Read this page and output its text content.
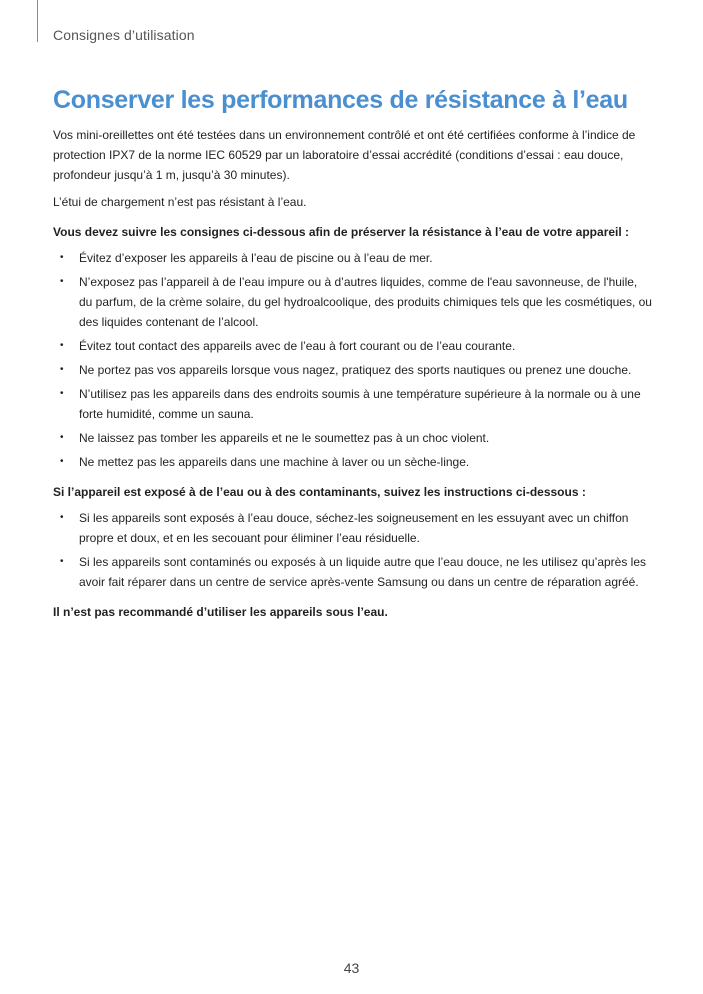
Consignes d’utilisation
Conserver les performances de résistance à l’eau

Vos mini-oreillettes ont été testées dans un environnement contrôlé et ont été certifiées conforme à l’indice de protection IPX7 de la norme IEC 60529 par un laboratoire d’essai accrédité (conditions d’essai : eau douce, profondeur jusqu’à 1 m, jusqu’à 30 minutes).

L’étui de chargement n’est pas résistant à l’eau.

Vous devez suivre les consignes ci-dessous afin de préserver la résistance à l’eau de votre appareil :

• Évitez d’exposer les appareils à l’eau de piscine ou à l’eau de mer.
• N’exposez pas l’appareil à de l’eau impure ou à d’autres liquides, comme de l'eau savonneuse, de l'huile, du parfum, de la crème solaire, du gel hydroalcoolique, des produits chimiques tels que les cosmétiques, ou des liquides contenant de l’alcool.
• Évitez tout contact des appareils avec de l’eau à fort courant ou de l’eau courante.
• Ne portez pas vos appareils lorsque vous nagez, pratiquez des sports nautiques ou prenez une douche.
• N’utilisez pas les appareils dans des endroits soumis à une température supérieure à la normale ou à une forte humidité, comme un sauna.
• Ne laissez pas tomber les appareils et ne le soumettez pas à un choc violent.
• Ne mettez pas les appareils dans une machine à laver ou un sèche-linge.

Si l’appareil est exposé à de l’eau ou à des contaminants, suivez les instructions ci-dessous :

• Si les appareils sont exposés à l’eau douce, séchez-les soigneusement en les essuyant avec un chiffon propre et doux, et en les secouant pour éliminer l’eau résiduelle.
• Si les appareils sont contaminés ou exposés à un liquide autre que l’eau douce, ne les utilisez qu’après les avoir fait réparer dans un centre de service après-vente Samsung ou dans un centre de réparation agréé.

Il n’est pas recommandé d’utiliser les appareils sous l’eau.

43
